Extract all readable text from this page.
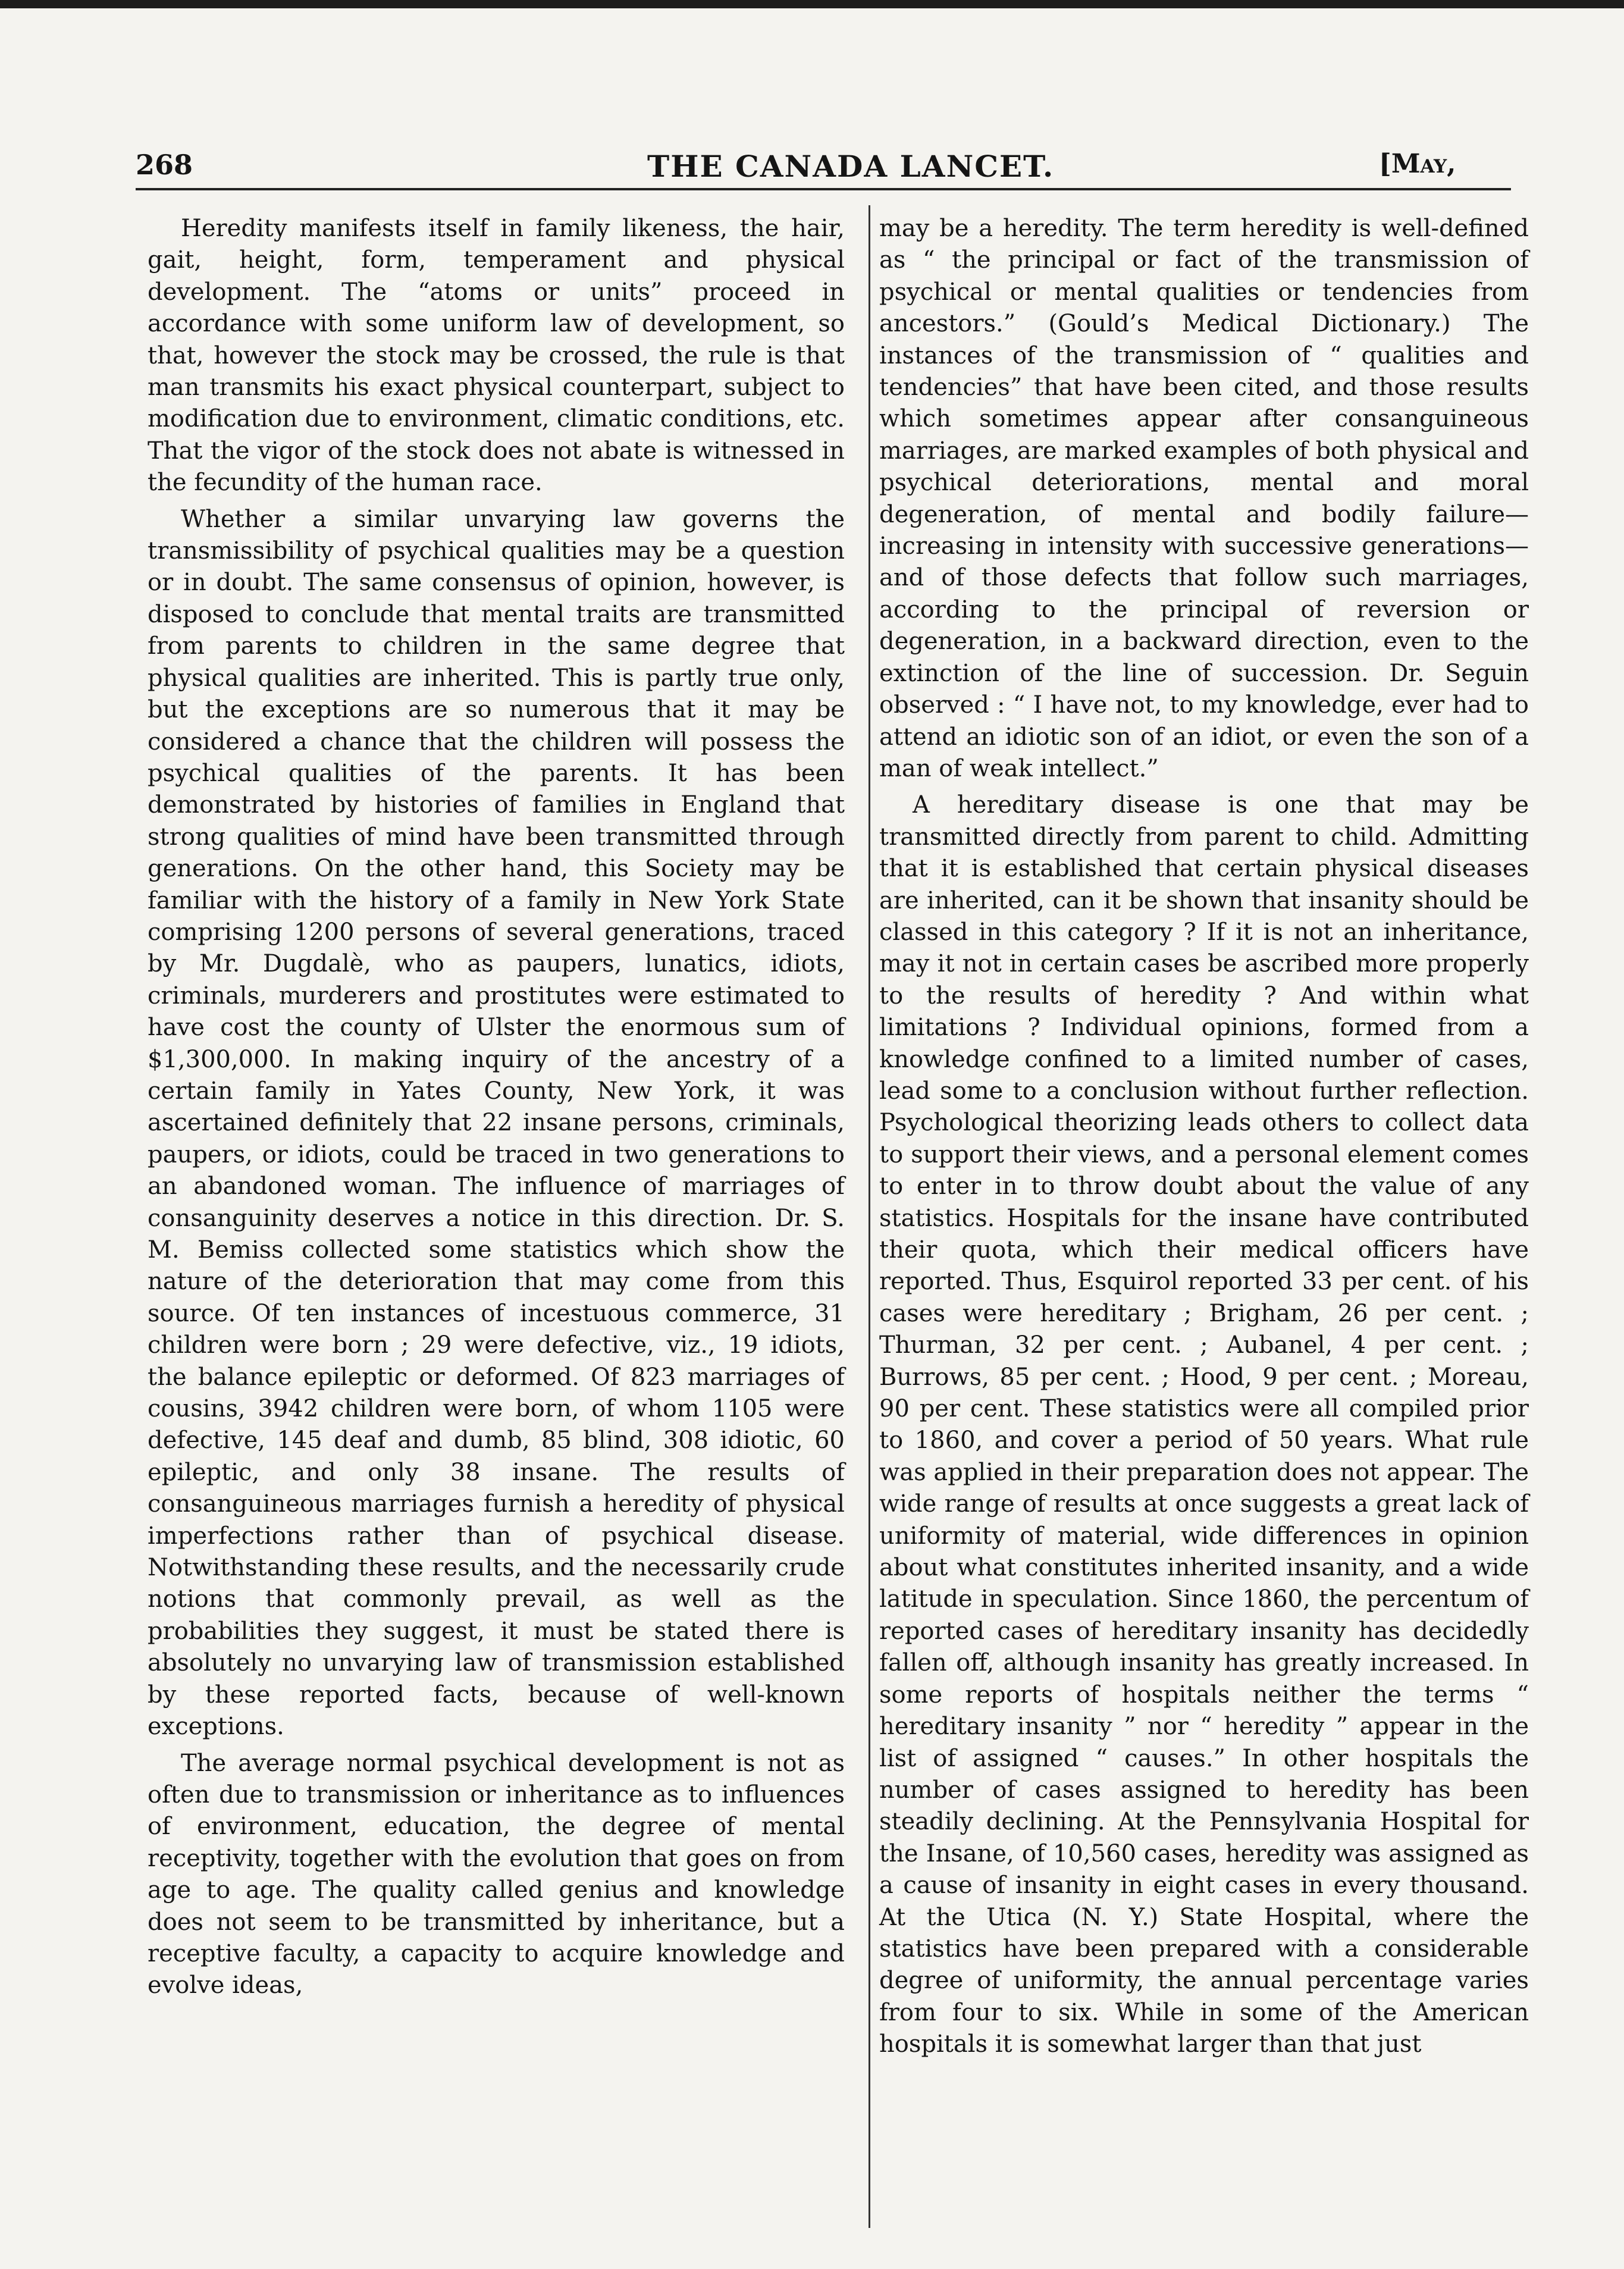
268	THE CANADA LANCET.	[May,

Heredity manifests itself in family likeness, the hair, gait, height, form, temperament and physical development. The “atoms or units” proceed in accordance with some uniform law of development, so that, however the stock may be crossed, the rule is that man transmits his exact physical counterpart, subject to modification due to environment, climatic conditions, etc. That the vigor of the stock does not abate is witnessed in the fecundity of the human race.

Whether a similar unvarying law governs the transmissibility of psychical qualities may be a question or in doubt. The same consensus of opinion, however, is disposed to conclude that mental traits are transmitted from parents to children in the same degree that physical qualities are inherited. This is partly true only, but the exceptions are so numerous that it may be considered a chance that the children will possess the psychical qualities of the parents. It has been demonstrated by histories of families in England that strong qualities of mind have been transmitted through generations. On the other hand, this Society may be familiar with the history of a family in New York State comprising 1200 persons of several generations, traced by Mr. Dugdalè, who as paupers, lunatics, idiots, criminals, murderers and prostitutes were estimated to have cost the county of Ulster the enormous sum of $1,300,000. In making inquiry of the ancestry of a certain family in Yates County, New York, it was ascertained definitely that 22 insane persons, criminals, paupers, or idiots, could be traced in two generations to an abandoned woman. The influence of marriages of consanguinity deserves a notice in this direction. Dr. S. M. Bemiss collected some statistics which show the nature of the deterioration that may come from this source. Of ten instances of incestuous commerce, 31 children were born ; 29 were defective, viz., 19 idiots, the balance epileptic or deformed. Of 823 marriages of cousins, 3942 children were born, of whom 1105 were defective, 145 deaf and dumb, 85 blind, 308 idiotic, 60 epileptic, and only 38 insane. The results of consanguineous marriages furnish a heredity of physical imperfections rather than of psychical disease. Notwithstanding these results, and the necessarily crude notions that commonly prevail, as well as the probabilities they suggest, it must be stated there is absolutely no unvarying law of transmission established by these reported facts, because of well-known exceptions.

The average normal psychical development is not as often due to transmission or inheritance as to influences of environment, education, the degree of mental receptivity, together with the evolution that goes on from age to age. The quality called genius and knowledge does not seem to be transmitted by inheritance, but a receptive faculty, a capacity to acquire knowledge and evolve ideas,

may be a heredity. The term heredity is well-defined as “ the principal or fact of the transmission of psychical or mental qualities or tendencies from ancestors.” (Gould’s Medical Dictionary.) The instances of the transmission of “ qualities and tendencies” that have been cited, and those results which sometimes appear after consanguineous marriages, are marked examples of both physical and psychical deteriorations, mental and moral degeneration, of mental and bodily failure—increasing in intensity with successive generations—and of those defects that follow such marriages, according to the principal of reversion or degeneration, in a backward direction, even to the extinction of the line of succession. Dr. Seguin observed : “ I have not, to my knowledge, ever had to attend an idiotic son of an idiot, or even the son of a man of weak intellect.”

A hereditary disease is one that may be transmitted directly from parent to child. Admitting that it is established that certain physical diseases are inherited, can it be shown that insanity should be classed in this category ? If it is not an inheritance, may it not in certain cases be ascribed more properly to the results of heredity ? And within what limitations ? Individual opinions, formed from a knowledge confined to a limited number of cases, lead some to a conclusion without further reflection. Psychological theorizing leads others to collect data to support their views, and a personal element comes to enter in to throw doubt about the value of any statistics. Hospitals for the insane have contributed their quota, which their medical officers have reported. Thus, Esquirol reported 33 per cent. of his cases were hereditary ; Brigham, 26 per cent. ; Thurman, 32 per cent. ; Aubanel, 4 per cent. ; Burrows, 85 per cent. ; Hood, 9 per cent. ; Moreau, 90 per cent. These statistics were all compiled prior to 1860, and cover a period of 50 years. What rule was applied in their preparation does not appear. The wide range of results at once suggests a great lack of uniformity of material, wide differences in opinion about what constitutes inherited insanity, and a wide latitude in speculation. Since 1860, the percentum of reported cases of hereditary insanity has decidedly fallen off, although insanity has greatly increased. In some reports of hospitals neither the terms “ hereditary insanity ” nor “ heredity ” appear in the list of assigned “ causes.” In other hospitals the number of cases assigned to heredity has been steadily declining. At the Pennsylvania Hospital for the Insane, of 10,560 cases, heredity was assigned as a cause of insanity in eight cases in every thousand. At the Utica (N. Y.) State Hospital, where the statistics have been prepared with a considerable degree of uniformity, the annual percentage varies from four to six. While in some of the American hospitals it is somewhat larger than that just
